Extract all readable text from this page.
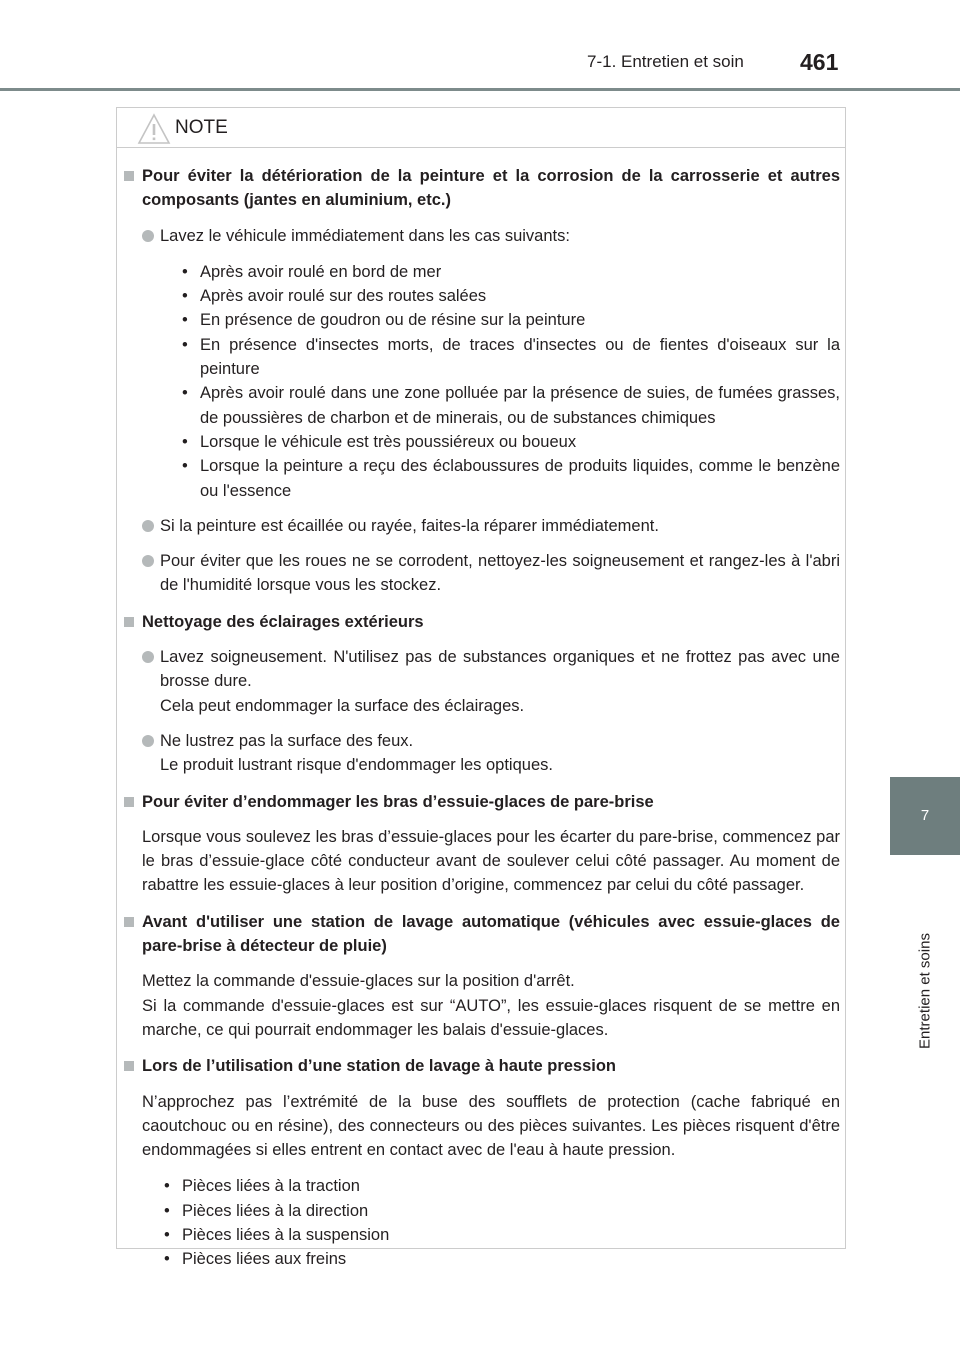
7-1. Entretien et soin 461
7
Entretien et soins
NOTE
Pour éviter la détérioration de la peinture et la corrosion de la carrosserie et autres composants (jantes en aluminium, etc.)
Lavez le véhicule immédiatement dans les cas suivants:
• Après avoir roulé en bord de mer
• Après avoir roulé sur des routes salées
• En présence de goudron ou de résine sur la peinture
• En présence d'insectes morts, de traces d'insectes ou de fientes d'oiseaux sur la peinture
• Après avoir roulé dans une zone polluée par la présence de suies, de fumées grasses, de poussières de charbon et de minerais, ou de substances chimiques
• Lorsque le véhicule est très poussiéreux ou boueux
• Lorsque la peinture a reçu des éclaboussures de produits liquides, comme le benzène ou l'essence
Si la peinture est écaillée ou rayée, faites-la réparer immédiatement.
Pour éviter que les roues ne se corrodent, nettoyez-les soigneusement et rangez-les à l'abri de l'humidité lorsque vous les stockez.
Nettoyage des éclairages extérieurs
Lavez soigneusement. N'utilisez pas de substances organiques et ne frottez pas avec une brosse dure.
Cela peut endommager la surface des éclairages.
Ne lustrez pas la surface des feux.
Le produit lustrant risque d'endommager les optiques.
Pour éviter d’endommager les bras d’essuie-glaces de pare-brise
Lorsque vous soulevez les bras d’essuie-glaces pour les écarter du pare-brise, commencez par le bras d’essuie-glace côté conducteur avant de soulever celui côté passager. Au moment de rabattre les essuie-glaces à leur position d’origine, commencez par celui du côté passager.
Avant d'utiliser une station de lavage automatique (véhicules avec essuie-glaces de pare-brise à détecteur de pluie)
Mettez la commande d'essuie-glaces sur la position d'arrêt.
Si la commande d'essuie-glaces est sur “AUTO”, les essuie-glaces risquent de se mettre en marche, ce qui pourrait endommager les balais d'essuie-glaces.
Lors de l’utilisation d’une station de lavage à haute pression
N’approchez pas l’extrémité de la buse des soufflets de protection (cache fabriqué en caoutchouc ou en résine), des connecteurs ou des pièces suivantes. Les pièces risquent d'être endommagées si elles entrent en contact avec de l'eau à haute pression.
• Pièces liées à la traction
• Pièces liées à la direction
• Pièces liées à la suspension
• Pièces liées aux freins
